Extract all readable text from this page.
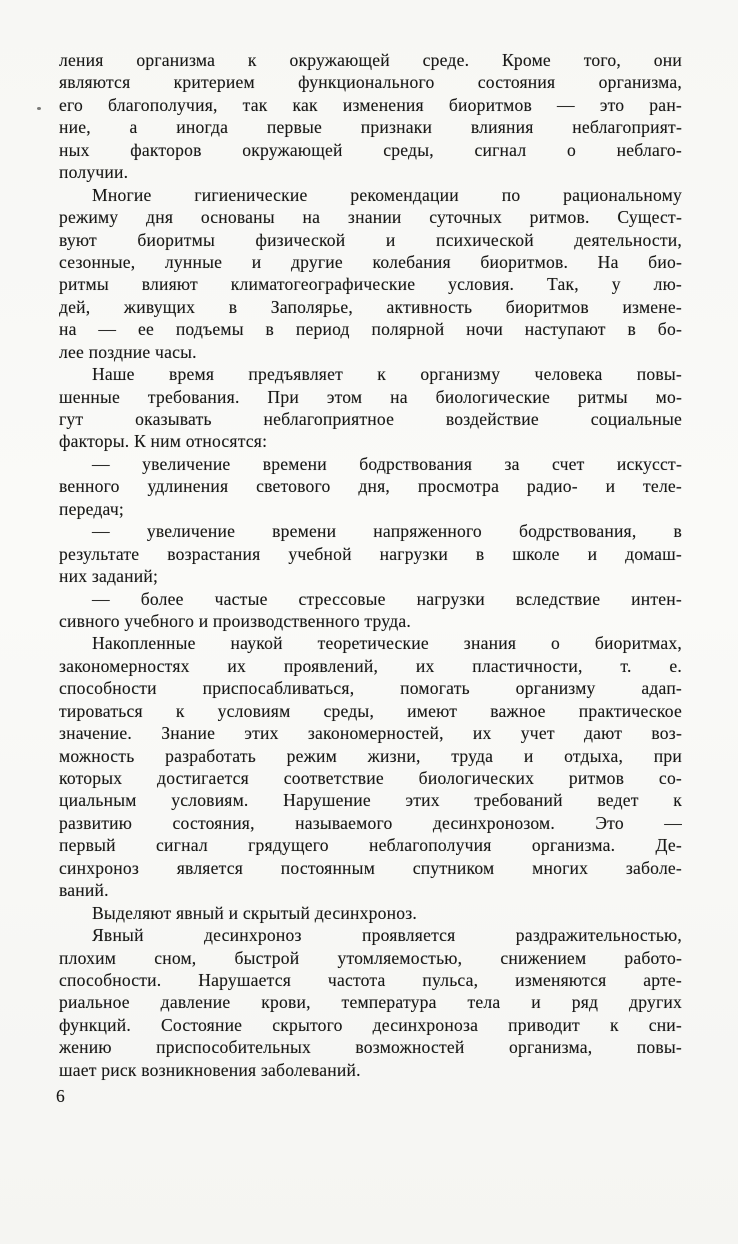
ления организма к окружающей среде. Кроме того, они
являются критерием функционального состояния организма,
его благополучия, так как изменения биоритмов — это ран-
ние, а иногда первые признаки влияния неблагоприят-
ных факторов окружающей среды, сигнал о неблаго-
получии.
Многие гигиенические рекомендации по рациональному
режиму дня основаны на знании суточных ритмов. Сущест-
вуют биоритмы физической и психической деятельности,
сезонные, лунные и другие колебания биоритмов. На био-
ритмы влияют климатогеографические условия. Так, у лю-
дей, живущих в Заполярье, активность биоритмов измене-
на — ее подъемы в период полярной ночи наступают в бо-
лее поздние часы.
Наше время предъявляет к организму человека повы-
шенные требования. При этом на биологические ритмы мо-
гут оказывать неблагоприятное воздействие социальные
факторы. К ним относятся:
— увеличение времени бодрствования за счет искусст-
венного удлинения светового дня, просмотра радио- и теле-
передач;
— увеличение времени напряженного бодрствования, в
результате возрастания учебной нагрузки в школе и домаш-
них заданий;
— более частые стрессовые нагрузки вследствие интен-
сивного учебного и производственного труда.
Накопленные наукой теоретические знания о биоритмах,
закономерностях их проявлений, их пластичности, т. е.
способности приспосабливаться, помогать организму адап-
тироваться к условиям среды, имеют важное практическое
значение. Знание этих закономерностей, их учет дают воз-
можность разработать режим жизни, труда и отдыха, при
которых достигается соответствие биологических ритмов со-
циальным условиям. Нарушение этих требований ведет к
развитию состояния, называемого десинхронозом. Это —
первый сигнал грядущего неблагополучия организма. Де-
синхроноз является постоянным спутником многих заболе-
ваний.
Выделяют явный и скрытый десинхроноз.
Явный десинхроноз проявляется раздражительностью,
плохим сном, быстрой утомляемостью, снижением работо-
способности. Нарушается частота пульса, изменяются арте-
риальное давление крови, температура тела и ряд других
функций. Состояние скрытого десинхроноза приводит к сни-
жению приспособительных возможностей организма, повы-
шает риск возникновения заболеваний.
6
